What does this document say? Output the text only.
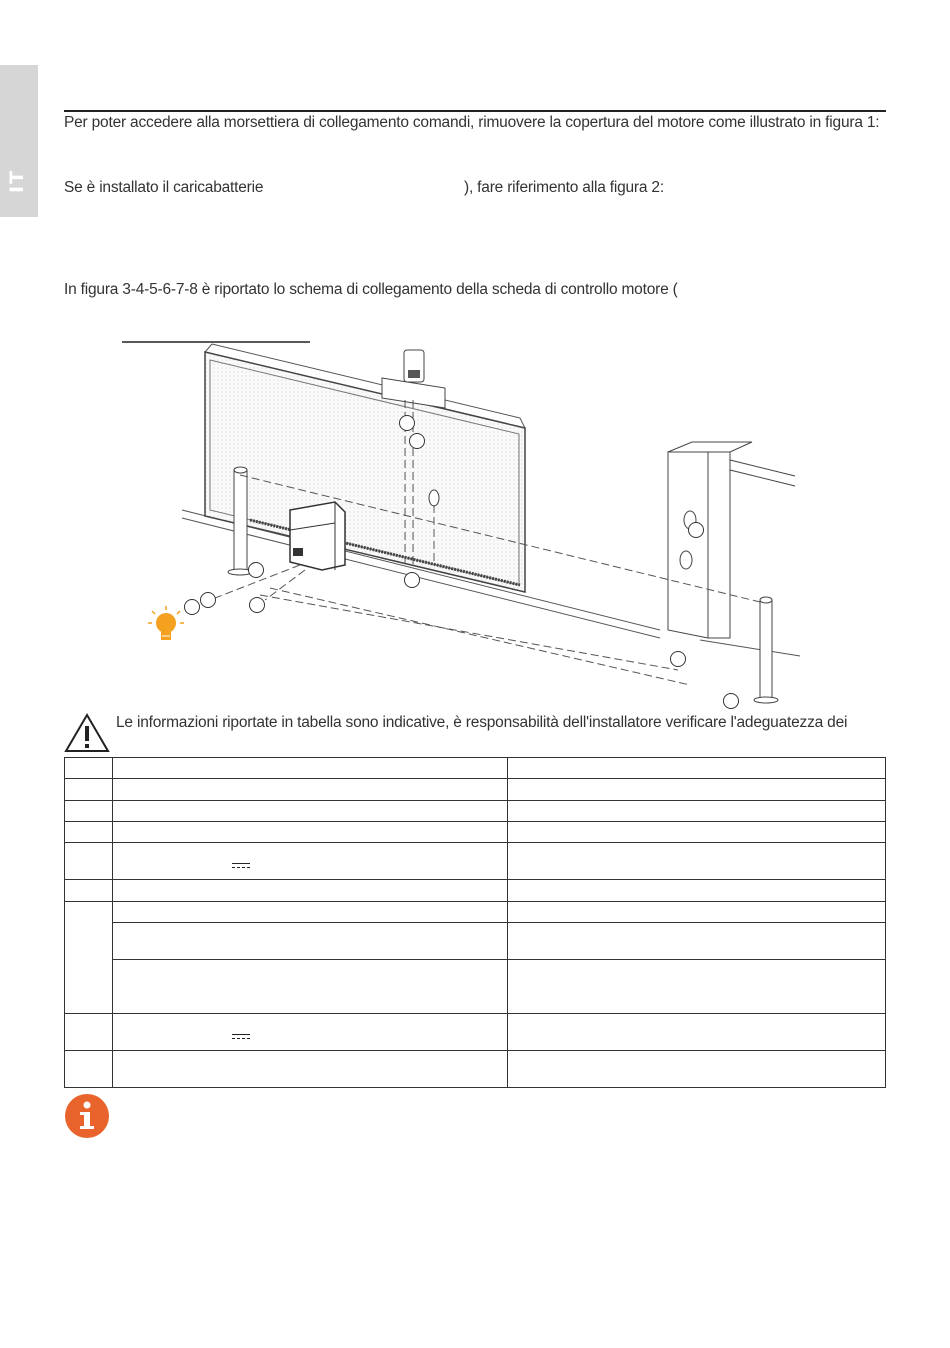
IT
Per poter accedere alla morsettiera di collegamento comandi, rimuovere la copertura del motore come illustrato in figura 1:
Se è installato il caricabatterie	), fare riferimento alla figura 2:
In figura 3-4-5-6-7-8 è riportato lo schema di collegamento della scheda di controllo motore (
Le informazioni riportate in tabella sono indicative, è responsabilità dell'installatore verificare l'adeguatezza dei
